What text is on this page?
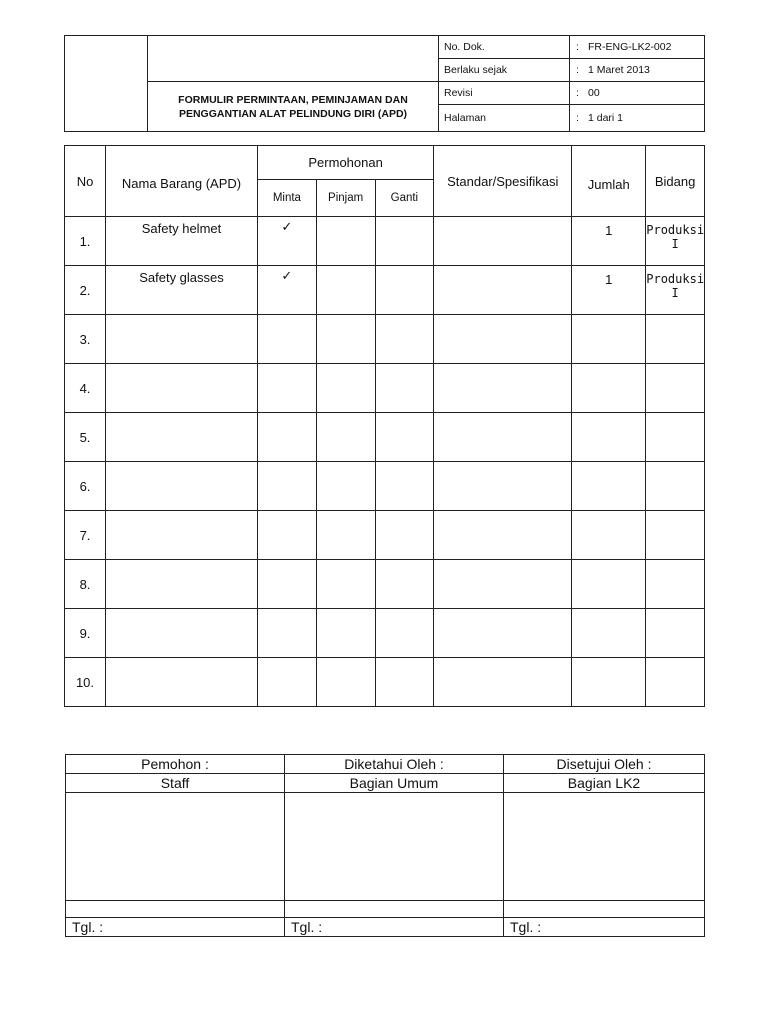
		No. Dok.	: FR-ENG-LK2-002
		Berlaku sejak	: 1 Maret 2013
	FORMULIR PERMINTAAN, PEMINJAMAN DAN PENGGANTIAN ALAT PELINDUNG DIRI (APD)	Revisi	: 00
		Halaman	: 1 dari 1
No	Nama Barang (APD)	Permohonan			Standar/Spesifikasi	Jumlah	Bidang
		Minta	Pinjam	Ganti			
1.	Safety helmet	✓				1	Produksi I
2.	Safety glasses	✓				1	Produksi I
3.							
4.							
5.							
6.							
7.							
8.							
9.							
10.							
Pemohon :	Diketahui Oleh :	Disetujui Oleh :
Staff	Bagian Umum	Bagian LK2

Tgl. :	Tgl. :	Tgl. :
